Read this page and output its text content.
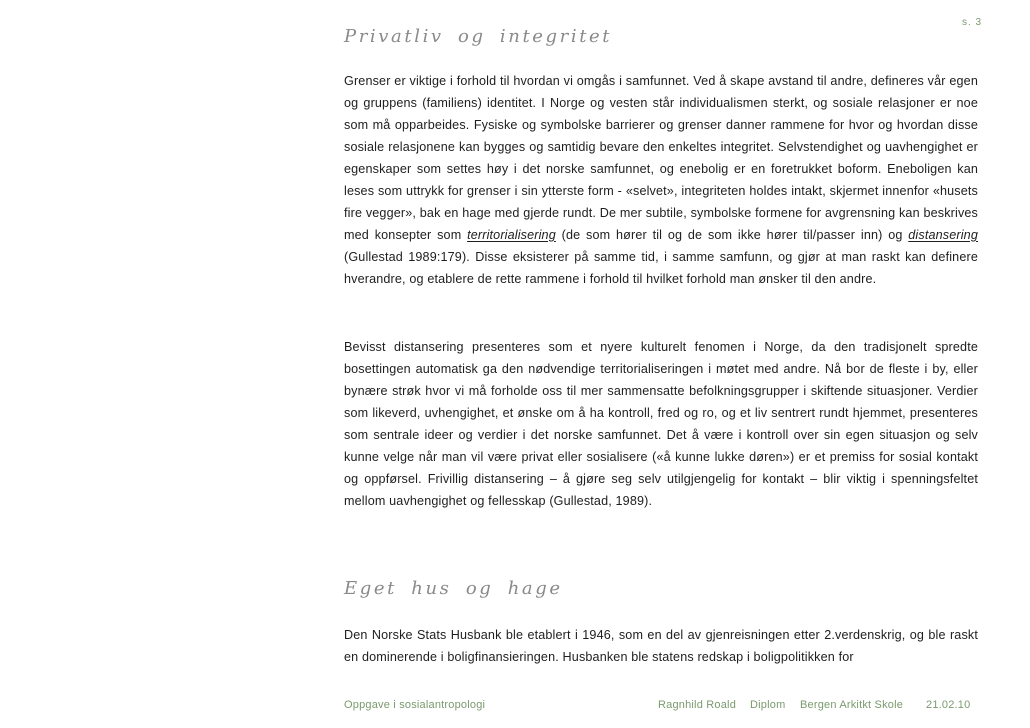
s. 3
Privatliv og integritet

Grenser er viktige i forhold til hvordan vi omgås i samfunnet. Ved å skape avstand til andre, defineres vår egen og gruppens (familiens) identitet. I Norge og vesten står individualismen sterkt, og sosiale relasjoner er noe som må opparbeides. Fysiske og symbolske barrierer og grenser danner rammene for hvor og hvordan disse sosiale relasjonene kan bygges og samtidig bevare den enkeltes integritet. Selvstendighet og uavhengighet er egenskaper som settes høy i det norske samfunnet, og enebolig er en foretrukket boform. Eneboligen kan leses som uttrykk for grenser i sin ytterste form - «selvet», integriteten holdes intakt, skjermet innenfor «husets fire vegger», bak en hage med gjerde rundt. De mer subtile, symbolske formene for avgrensning kan beskrives med konsepter som territorialisering (de som hører til og de som ikke hører til/passer inn) og distansering (Gullestad 1989:179). Disse eksisterer på samme tid, i samme samfunn, og gjør at man raskt kan definere hverandre, og etablere de rette rammene i forhold til hvilket forhold man ønsker til den andre.

Bevisst distansering presenteres som et nyere kulturelt fenomen i Norge, da den tradisjonelt spredte bosettingen automatisk ga den nødvendige territorialiseringen i møtet med andre. Nå bor de fleste i by, eller bynære strøk hvor vi må forholde oss til mer sammensatte befolkningsgrupper i skiftende situasjoner. Verdier som likeverd, uvhengighet, et ønske om å ha kontroll, fred og ro, og et liv sentrert rundt hjemmet, presenteres som sentrale ideer og verdier i det norske samfunnet. Det å være i kontroll over sin egen situasjon og selv kunne velge når man vil være privat eller sosialisere («å kunne lukke døren») er et premiss for sosial kontakt og oppførsel. Frivillig distansering – å gjøre seg selv utilgjengelig for kontakt – blir viktig i spenningsfeltet mellom uavhengighet og fellesskap (Gullestad, 1989).

Eget hus og hage

Den Norske Stats Husbank ble etablert i 1946, som en del av gjenreisningen etter 2.verdenskrig, og ble raskt en dominerende i boligfinansieringen. Husbanken ble statens redskap i boligpolitikken for

Oppgave i sosialantropologi	Ragnhild Roald Diplom Bergen Arkitkt Skole 21.02.10
